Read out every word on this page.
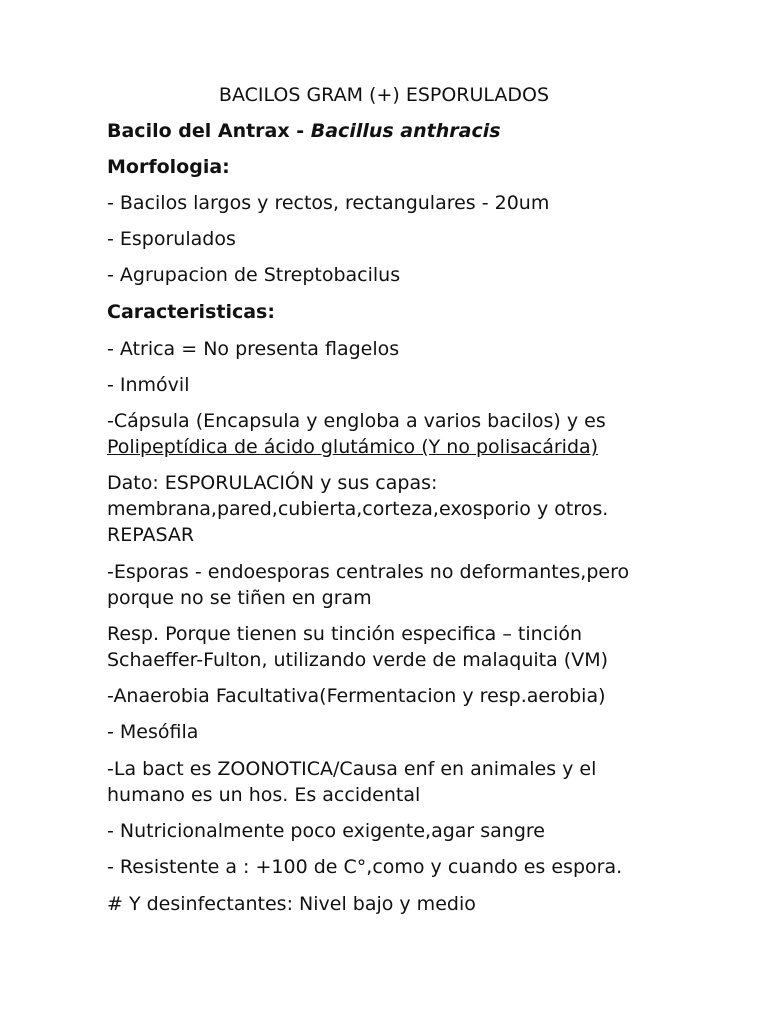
BACILOS GRAM (+) ESPORULADOS
Bacilo del Antrax - Bacillus anthracis
Morfologia:
- Bacilos largos y rectos, rectangulares - 20um
- Esporulados
- Agrupacion de Streptobacilus
Caracteristicas:
- Atrica = No presenta flagelos
- Inmóvil
-Cápsula (Encapsula y engloba a varios bacilos) y es
Polipeptídica de ácido glutámico (Y no polisacárida)
Dato: ESPORULACIÓN y sus capas:
membrana,pared,cubierta,corteza,exosporio y otros.
REPASAR
-Esporas - endoesporas centrales no deformantes,pero
porque no se tiñen en gram
Resp. Porque tienen su tinción especifica – tinción
Schaeffer-Fulton, utilizando verde de malaquita (VM)
-Anaerobia Facultativa(Fermentacion y resp.aerobia)
- Mesófila
-La bact es ZOONOTICA/Causa enf en animales y el
humano es un hos. Es accidental
- Nutricionalmente poco exigente,agar sangre
- Resistente a : +100 de C°,como y cuando es espora.
# Y desinfectantes: Nivel bajo y medio
